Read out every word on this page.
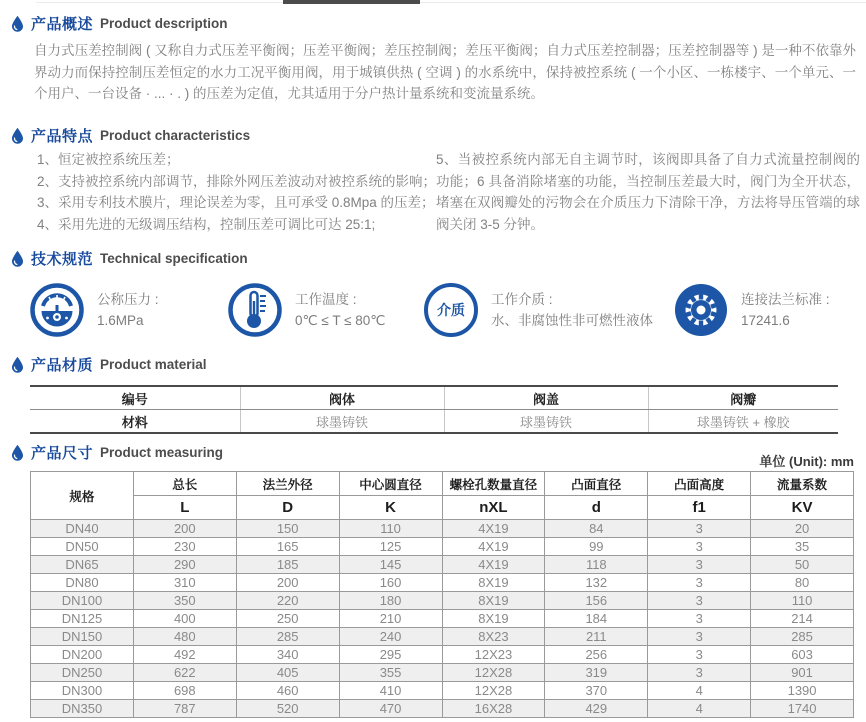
产品概述 Product description
自力式压差控制阀 ( 又称自力式压差平衡阀；压差平衡阀；差压控制阀；差压平衡阀；自力式压差控制器；压差控制器等 ) 是一种不依靠外界动力而保持控制压差恒定的水力工况平衡用阀，用于城镇供热 ( 空调 ) 的水系统中，保持被控系统 ( 一个小区、一栋楼宇、一个单元、一个用户、一台设备 · ... · . ) 的压差为定值，尤其适用于分户热计量系统和变流量系统。
产品特点 Product characteristics
1、恒定被控系统压差；
2、支持被控系统内部调节，排除外网压差波动对被控系统的影响；
3、采用专利技术膜片，理论误差为零，且可承受 0.8Mpa 的压差；
4、采用先进的无级调压结构，控制压差可调比可达 25:1;
5、当被控系统内部无自主调节时，该阀即具备了自力式流量控制阀的功能；6 具备消除堵塞的功能，当控制压差最大时，阀门为全开状态，堵塞在双阀瓣处的污物会在介质压力下清除干净，方法将导压管端的球阀关闭 3-5 分钟。
技术规范 Technical specification
公称压力 :
1.6MPa
工作温度 :
0℃ ≤ T ≤ 80℃
介质
工作介质 :
水、非腐蚀性非可燃性液体
连接法兰标准 :
17241.6
产品材质 Product material
编号	阀体	阀盖	阀瓣
材料	球墨铸铁	球墨铸铁	球墨铸铁 + 橡胶
产品尺寸 Product measuring
单位 (Unit): mm
规格	总长	法兰外径	中心圆直径	螺栓孔数量直径	凸面直径	凸面高度	流量系数
	L	D	K	nXL	d	f1	KV
DN40	200	150	110	4X19	84	3	20
DN50	230	165	125	4X19	99	3	35
DN65	290	185	145	4X19	118	3	50
DN80	310	200	160	8X19	132	3	80
DN100	350	220	180	8X19	156	3	110
DN125	400	250	210	8X19	184	3	214
DN150	480	285	240	8X23	211	3	285
DN200	492	340	295	12X23	256	3	603
DN250	622	405	355	12X28	319	3	901
DN300	698	460	410	12X28	370	4	1390
DN350	787	520	470	16X28	429	4	1740
